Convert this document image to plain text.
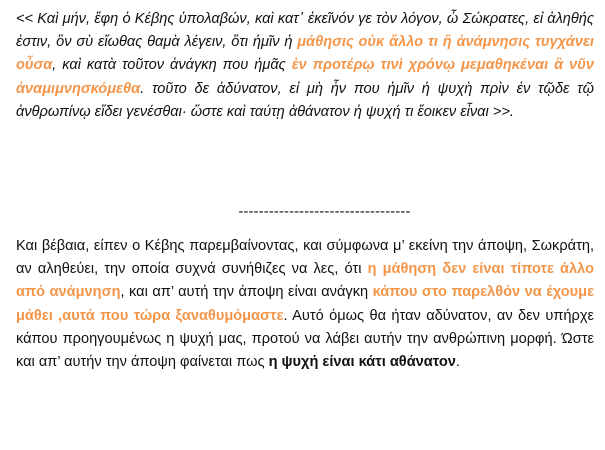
<< Καὶ μήν, ἔφη ὁ Κέβης ὑπολαβών, καὶ κατ᾽ ἐκεῖνόν γε τὸν λόγον, ὦ Σώκρατες, εἰ ἀληθής ἐστιν, ὃν σὺ εἴωθας θαμὰ λέγειν, ὅτι ἡμῖν ἡ μάθησις οὐκ ἄλλο τι ἢ ἀνάμνησις τυγχάνει οὖσα, καὶ κατὰ τοῦτον ἀνάγκη που ἡμᾶς ἐν προτέρῳ τινὶ χρόνῳ μεμαθηκέναι ἃ νῦν ἀναμιμνησκόμεθα. τοῦτο δε ἀδύνατον, εἰ μὴ ἦν που ἡμῖν ἡ ψυχὴ πρὶν ἐν τῷδε τῷ ἀνθρωπίνῳ εἴδει γενέσθαι· ὥστε καὶ ταύτῃ ἀθάνατον ἡ ψυχή τι ἔοικεν εἶναι >>.

----------------------------------

Και βέβαια, είπεν ο Κέβης παρεμβαίνοντας, και σύμφωνα μ’ εκείνη την άποψη, Σωκράτη, αν αληθεύει, την οποία συχνά συνήθιζες να λες, ότι η μάθηση δεν είναι τίποτε άλλο από ανάμνηση, και απ’ αυτή την άποψη είναι ανάγκη κάπου στο παρελθόν να έχουμε μάθει ,αυτά που τώρα ξαναθυμόμαστε. Αυτό όμως θα ήταν αδύνατον, αν δεν υπήρχε κάπου προηγουμένως η ψυχή μας, προτού να λάβει αυτήν την ανθρώπινη μορφή. Ώστε και απ’ αυτήν την άποψη φαίνεται πως η ψυχή είναι κάτι αθάνατον.
